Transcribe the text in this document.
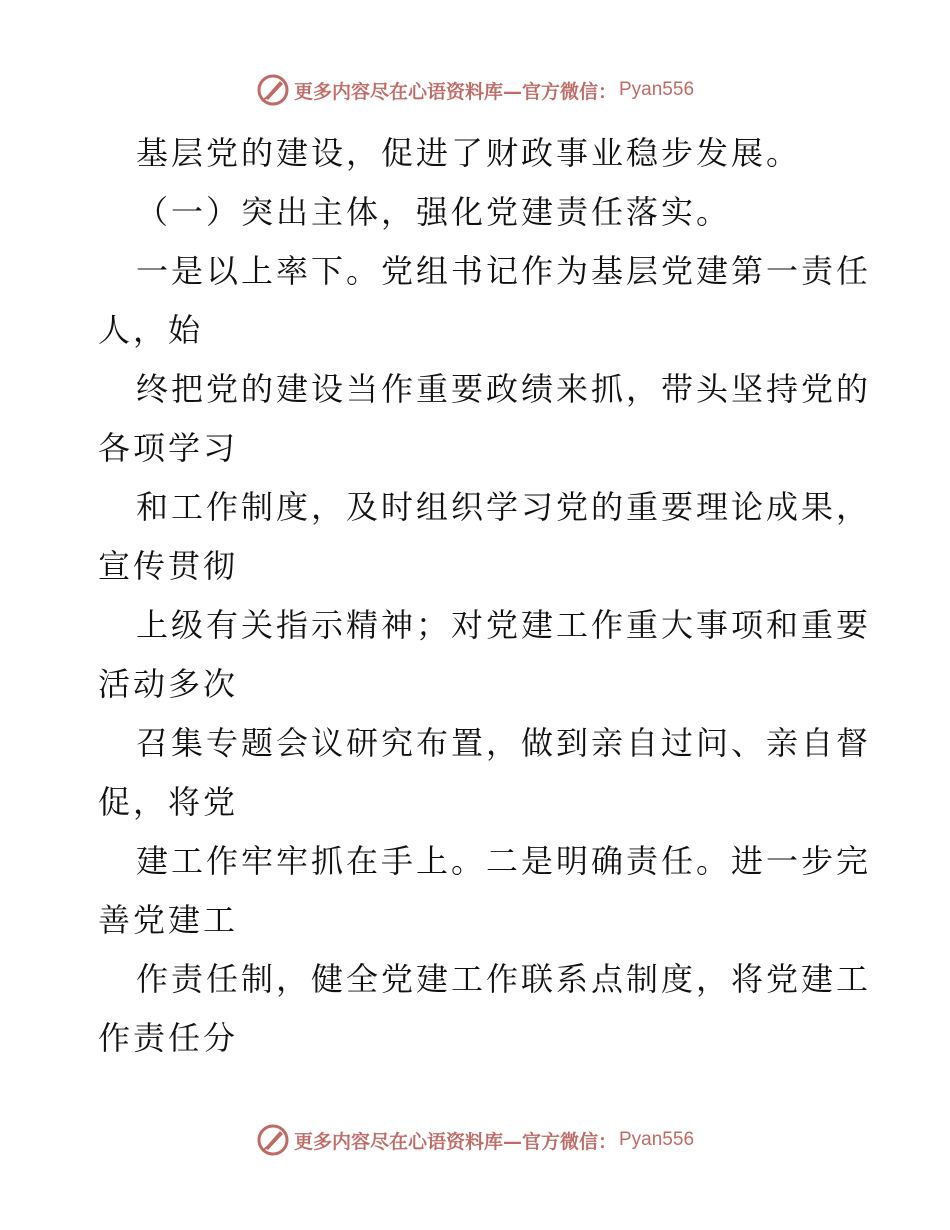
更多内容尽在心语资料库—官方微信： Pyan556
基层党的建设，促进了财政事业稳步发展。
（一）突出主体，强化党建责任落实。
一是以上率下。党组书记作为基层党建第一责任
人，始
终把党的建设当作重要政绩来抓，带头坚持党的
各项学习
和工作制度，及时组织学习党的重要理论成果，
宣传贯彻
上级有关指示精神；对党建工作重大事项和重要
活动多次
召集专题会议研究布置，做到亲自过问、亲自督
促，将党
建工作牢牢抓在手上。二是明确责任。进一步完
善党建工
作责任制，健全党建工作联系点制度，将党建工
作责任分
更多内容尽在心语资料库—官方微信： Pyan556
